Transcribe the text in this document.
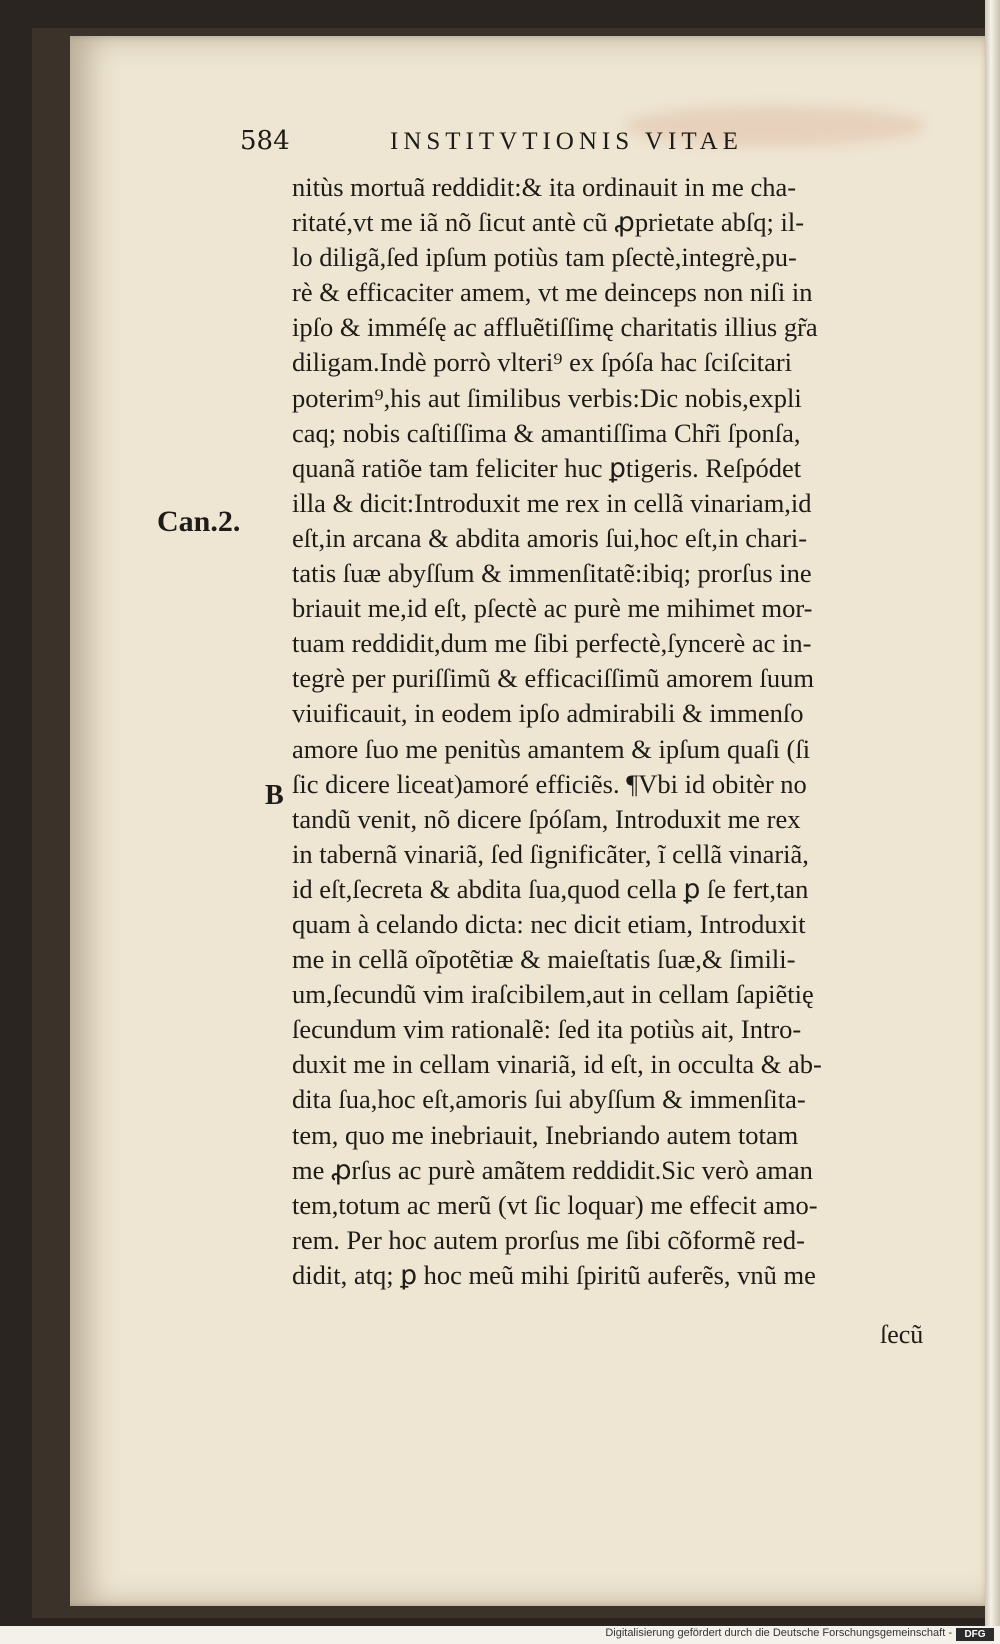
584	INSTITVTIONIS VITAE
Can.2.
B
nitùs mortuã reddidit:& ita ordinauit in me cha-
ritaté,vt me iã nõ ſicut antè cũ ꝓprietate abſq; il-
lo diligã,ſed ipſum potiùs tam pſectè,integrè,pu-
rè & efficaciter amem, vt me deinceps non niſi in
ipſo & imméſę ac affluẽtiſſimę charitatis illius gr̃a
diligam.Indè porrò vlteri⁹ ex ſpóſa hac ſciſcitari
poterim⁹,his aut ſimilibus verbis:Dic nobis,expli
caq; nobis caſtiſſima & amantiſſima Chr̃i ſponſa,
quanã ratiõe tam feliciter huc ꝑtigeris. Reſpódet
illa & dicit:Introduxit me rex in cellã vinariam,id
eſt,in arcana & abdita amoris ſui,hoc eſt,in chari-
tatis ſuæ abyſſum & immenſitatẽ:ibiq; prorſus ine
briauit me,id eſt, pſectè ac purè me mihimet mor-
tuam reddidit,dum me ſibi perfectè,ſyncerè ac in-
tegrè per puriſſimũ & efficaciſſimũ amorem ſuum
viuificauit, in eodem ipſo admirabili & immenſo
amore ſuo me penitùs amantem & ipſum quaſi (ſi
ſic dicere liceat)amoré efficiẽs. ¶Vbi id obitèr no
tandũ venit, nõ dicere ſpóſam, Introduxit me rex
in tabernã vinariã, ſed ſignificãter, ĩ cellã vinariã,
id eſt,ſecreta & abdita ſua,quod cella ꝑ ſe fert,tan
quam à celando dicta: nec dicit etiam, Introduxit
me in cellã oĩpotẽtiæ & maieſtatis ſuæ,& ſimili-
um,ſecundũ vim iraſcibilem,aut in cellam ſapiẽtię
ſecundum vim rationalẽ: ſed ita potiùs ait, Intro-
duxit me in cellam vinariã, id eſt, in occulta & ab-
dita ſua,hoc eſt,amoris ſui abyſſum & immenſita-
tem, quo me inebriauit, Inebriando autem totam
me ꝓrſus ac purè amãtem reddidit.Sic verò aman
tem,totum ac merũ (vt ſic loquar) me effecit amo-
rem. Per hoc autem prorſus me ſibi cõformẽ red-
didit, atq; ꝑ hoc meũ mihi ſpiritũ auferẽs, vnũ me
ſecũ
Digitalisierung gefördert durch die Deutsche Forschungsgemeinschaft -	DFG
